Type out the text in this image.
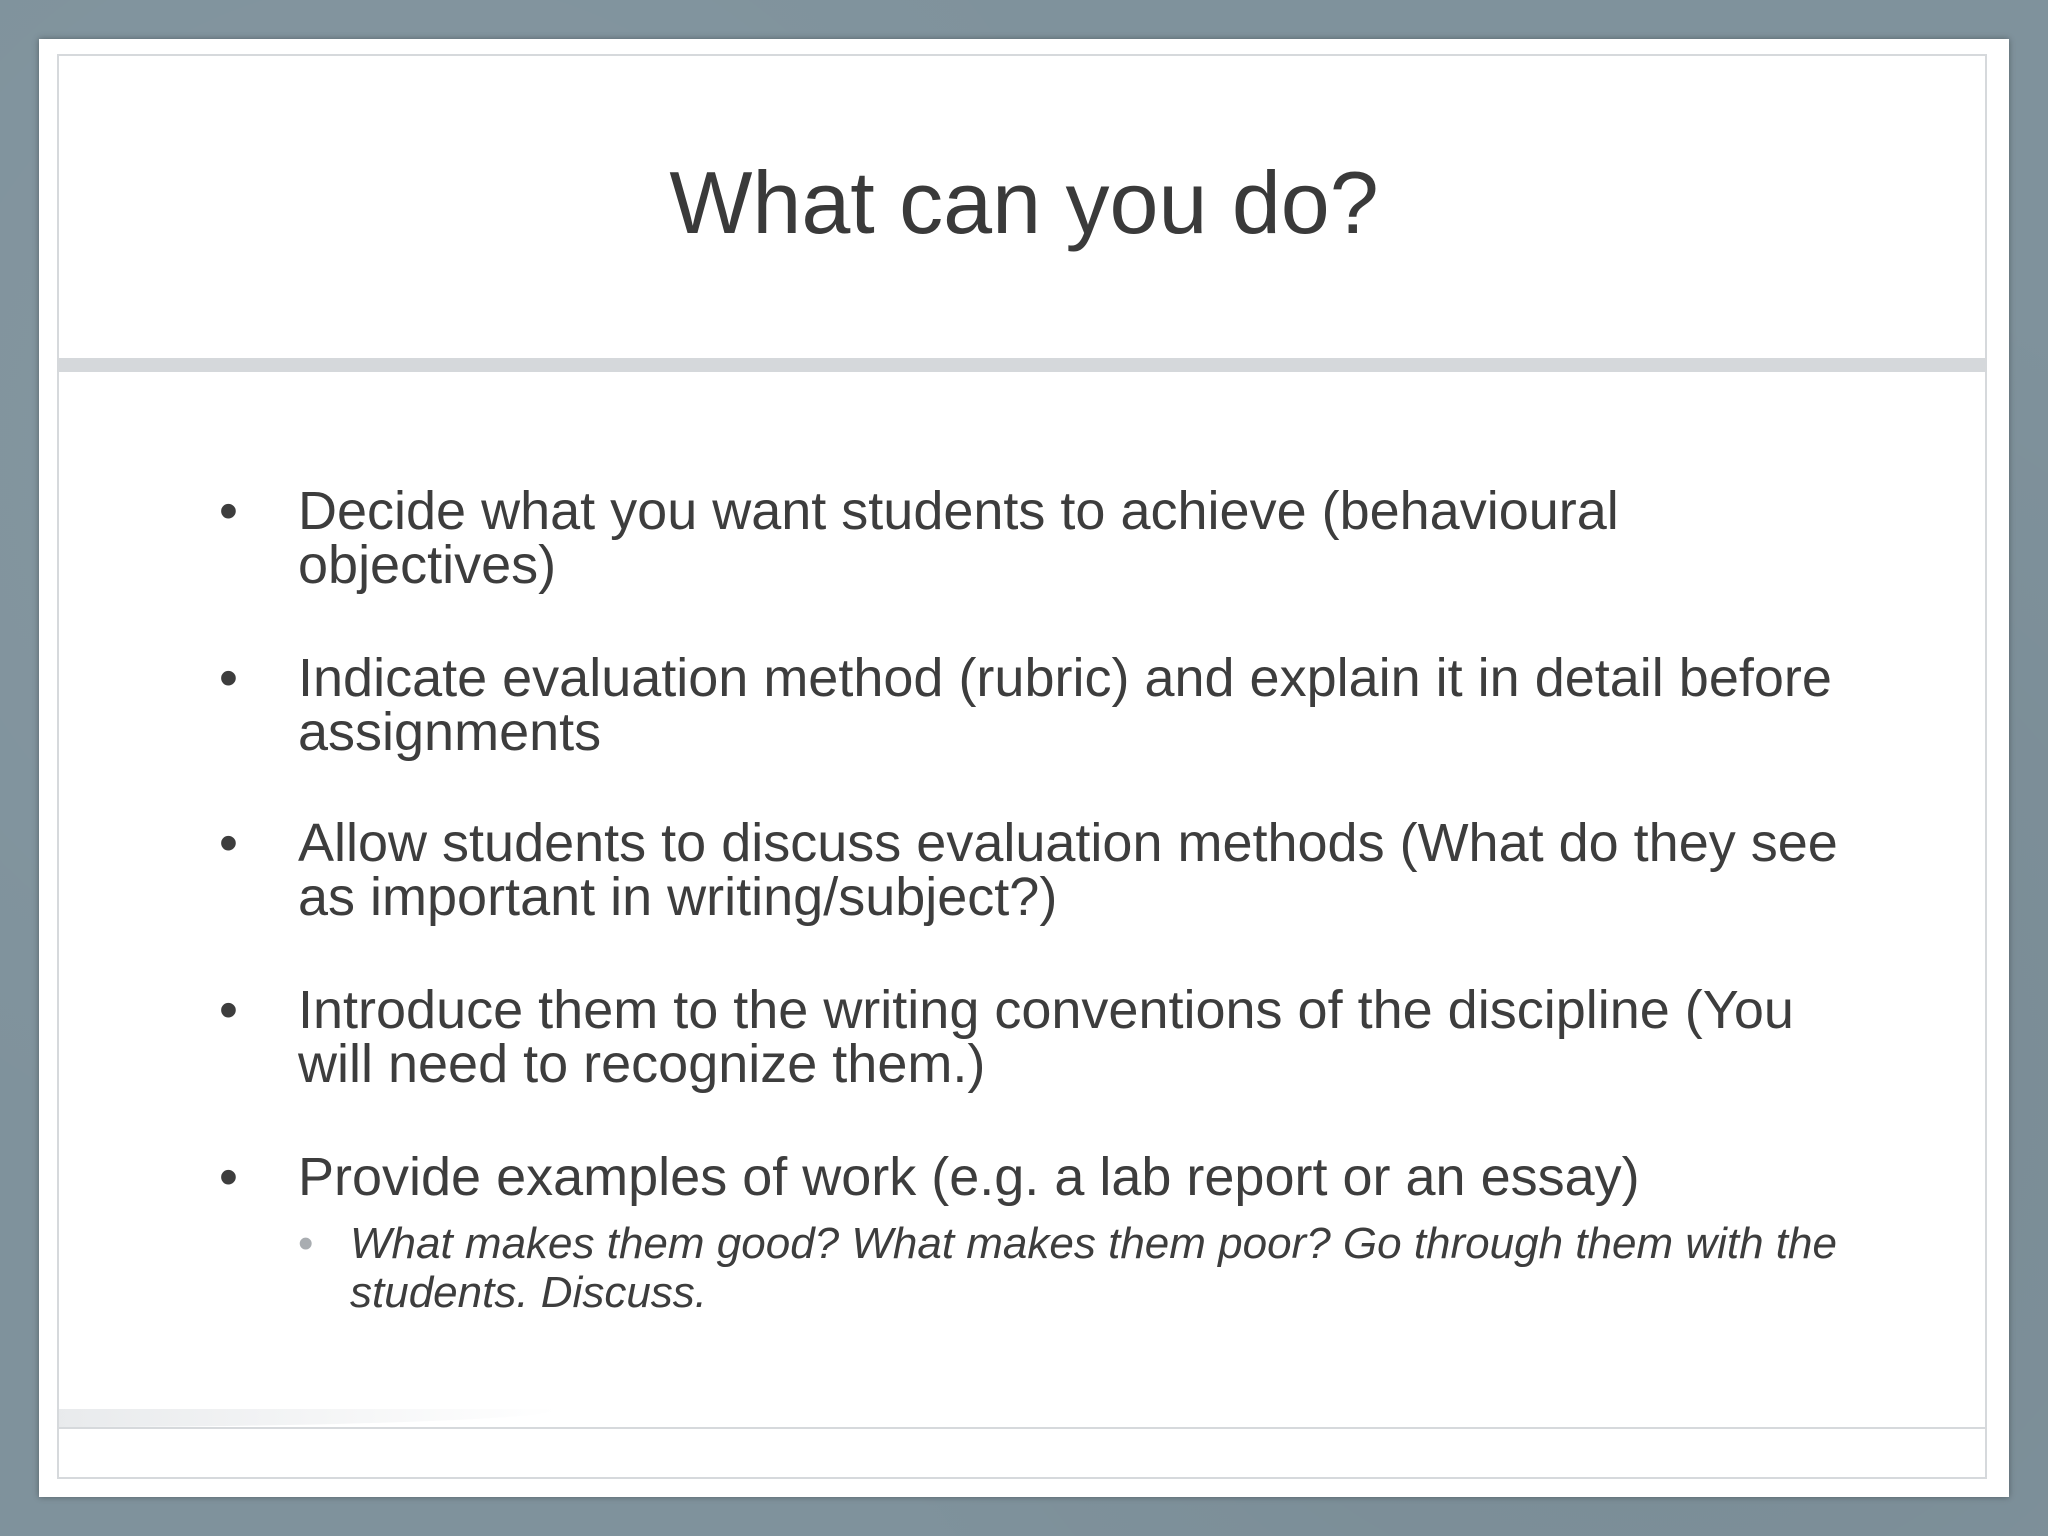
What can you do?
• Decide what you want students to achieve (behavioural objectives)
• Indicate evaluation method (rubric) and explain it in detail before assignments
• Allow students to discuss evaluation methods (What do they see as important in writing/subject?)
• Introduce them to the writing conventions of the discipline (You will need to recognize them.)
• Provide examples of work (e.g. a lab report or an essay)
• What makes them good? What makes them poor? Go through them with the students. Discuss.
